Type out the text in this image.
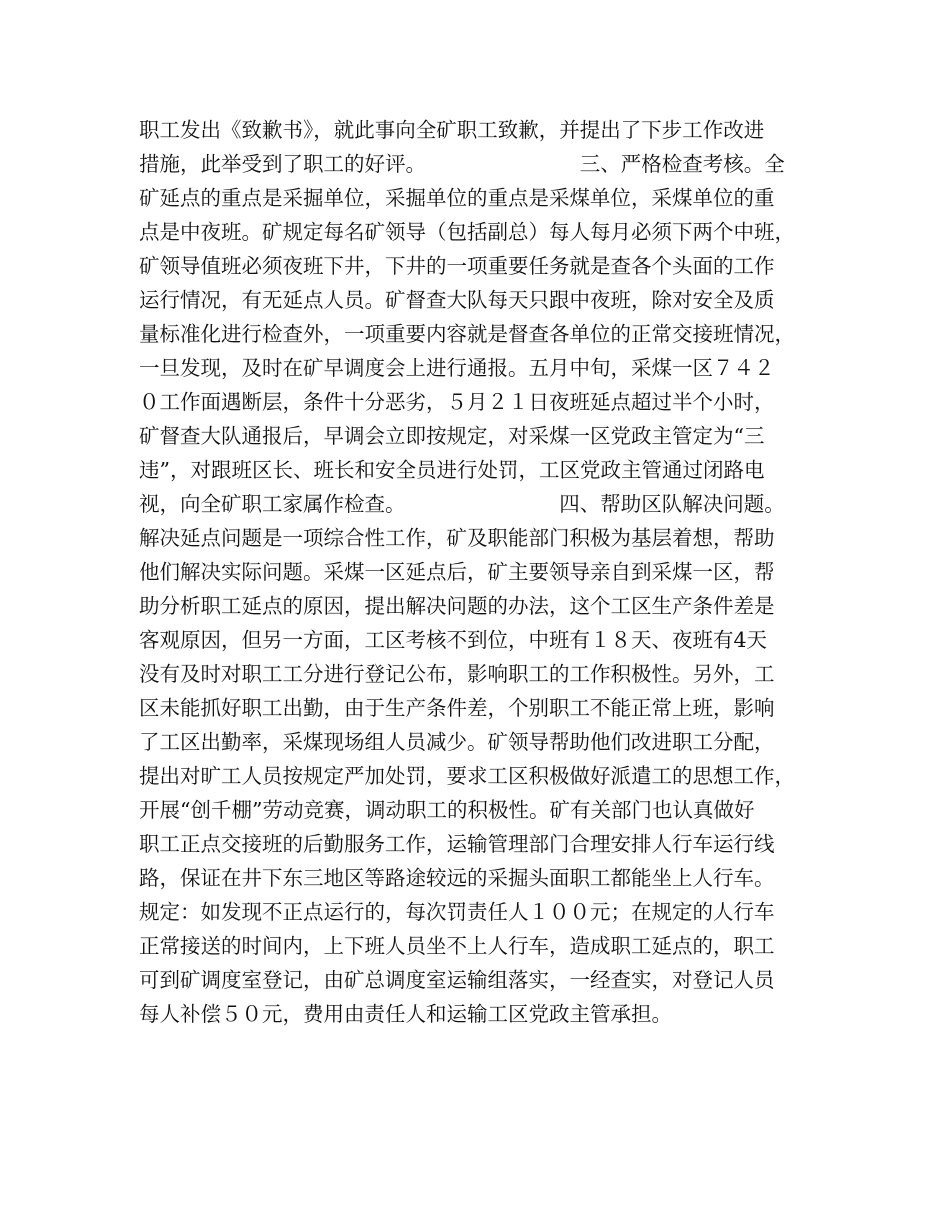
职工发出《致歉书》，就此事向全矿职工致歉，并提出了下步工作改进
措施，此举受到了职工的好评。　　　　　　　　三、严格检查考核。全
矿延点的重点是采掘单位，采掘单位的重点是采煤单位，采煤单位的重
点是中夜班。矿规定每名矿领导（包括副总）每人每月必须下两个中班，
矿领导值班必须夜班下井，下井的一项重要任务就是查各个头面的工作
运行情况，有无延点人员。矿督查大队每天只跟中夜班，除对安全及质
量标准化进行检查外，一项重要内容就是督查各单位的正常交接班情况，
一旦发现，及时在矿早调度会上进行通报。五月中旬，采煤一区７４２
０工作面遇断层，条件十分恶劣，５月２１日夜班延点超过半个小时，
矿督查大队通报后，早调会立即按规定，对采煤一区党政主管定为“三
违”，对跟班区长、班长和安全员进行处罚，工区党政主管通过闭路电
视，向全矿职工家属作检查。　　　　　　　　四、帮助区队解决问题。
解决延点问题是一项综合性工作，矿及职能部门积极为基层着想，帮助
他们解决实际问题。采煤一区延点后，矿主要领导亲自到采煤一区，帮
助分析职工延点的原因，提出解决问题的办法，这个工区生产条件差是
客观原因，但另一方面，工区考核不到位，中班有１８天、夜班有4天
没有及时对职工工分进行登记公布，影响职工的工作积极性。另外，工
区未能抓好职工出勤，由于生产条件差，个别职工不能正常上班，影响
了工区出勤率，采煤现场组人员减少。矿领导帮助他们改进职工分配，
提出对旷工人员按规定严加处罚，要求工区积极做好派遣工的思想工作，
开展“创千棚”劳动竞赛，调动职工的积极性。矿有关部门也认真做好
职工正点交接班的后勤服务工作，运输管理部门合理安排人行车运行线
路，保证在井下东三地区等路途较远的采掘头面职工都能坐上人行车。
规定：如发现不正点运行的，每次罚责任人１００元；在规定的人行车
正常接送的时间内，上下班人员坐不上人行车，造成职工延点的，职工
可到矿调度室登记，由矿总调度室运输组落实，一经查实，对登记人员
每人补偿５０元，费用由责任人和运输工区党政主管承担。
